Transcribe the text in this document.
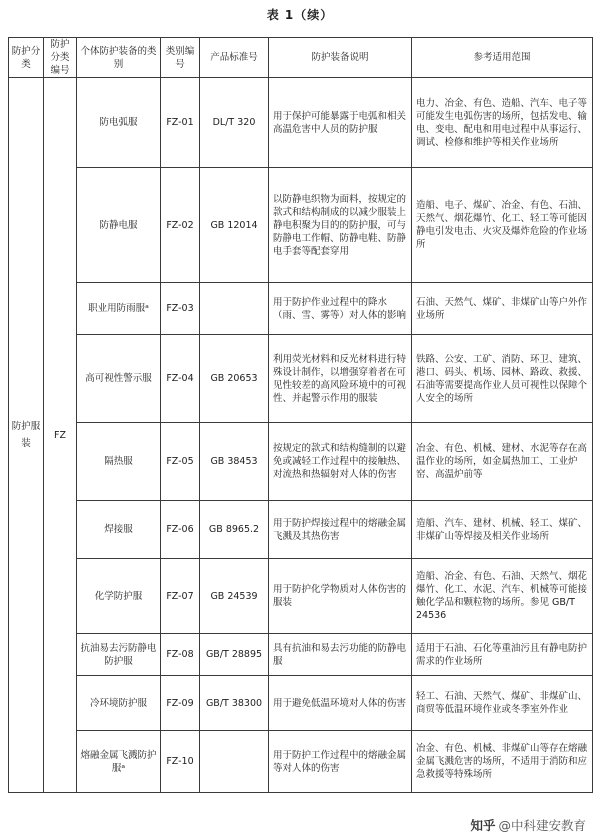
表 1（续）
防护分类	防护分类编号	个体防护装备的类别	类别编号	产品标准号	防护装备说明	参考适用范围

防护服装	FZ	防电弧服	FZ-01	DL/T 320	用于保护可能暴露于电弧和相关高温危害中人员的防护服	电力、冶金、有色、造船、汽车、电子等可能发生电弧伤害的场所，包括发电、输电、变电、配电和用电过程中从事运行、调试、检修和维护等相关作业场所
		防静电服	FZ-02	GB 12014	以防静电织物为面料，按规定的款式和结构制成的以减少服装上静电积聚为目的的防护服，可与防静电工作帽、防静电鞋、防静电手套等配套穿用	造船、电子、煤矿、冶金、有色、石油、天然气、烟花爆竹、化工、轻工等可能因静电引发电击、火灾及爆炸危险的作业场所
		职业用防雨服ᵃ	FZ-03		用于防护作业过程中的降水（雨、雪、雾等）对人体的影响	石油、天然气、煤矿、非煤矿山等户外作业场所
		高可视性警示服	FZ-04	GB 20653	利用荧光材料和反光材料进行特殊设计制作，以增强穿着者在可见性较差的高风险环境中的可视性、并起警示作用的服装	铁路、公安、工矿、消防、环卫、建筑、港口、码头、机场、园林、路政、救援、石油等需要提高作业人员可视性以保障个人安全的场所
		隔热服	FZ-05	GB 38453	按规定的款式和结构缝制的以避免或减轻工作过程中的接触热、对流热和热辐射对人体的伤害	冶金、有色、机械、建材、水泥等存在高温作业的场所，如金属热加工、工业炉窑、高温炉前等
		焊接服	FZ-06	GB 8965.2	用于防护焊接过程中的熔融金属飞溅及其热伤害	造船、汽车、建材、机械、轻工、煤矿、非煤矿山等焊接及相关作业场所
		化学防护服	FZ-07	GB 24539	用于防护化学物质对人体伤害的服装	造船、冶金、有色、石油、天然气、烟花爆竹、化工、水泥、汽车、机械等可能接触化学品和颗粒物的场所。参见 GB/T 24536
		抗油易去污防静电防护服	FZ-08	GB/T 28895	具有抗油和易去污功能的防静电服	适用于石油、石化等重油污且有静电防护需求的作业场所
		冷环境防护服	FZ-09	GB/T 38300	用于避免低温环境对人体的伤害	轻工、石油、天然气、煤矿、非煤矿山、商贸等低温环境作业或冬季室外作业
		熔融金属飞溅防护服ᵃ	FZ-10		用于防护工作过程中的熔融金属等对人体的伤害	冶金、有色、机械、非煤矿山等存在熔融金属飞溅危害的场所，不适用于消防和应急救援等特殊场所
知乎 @中科建安教育
